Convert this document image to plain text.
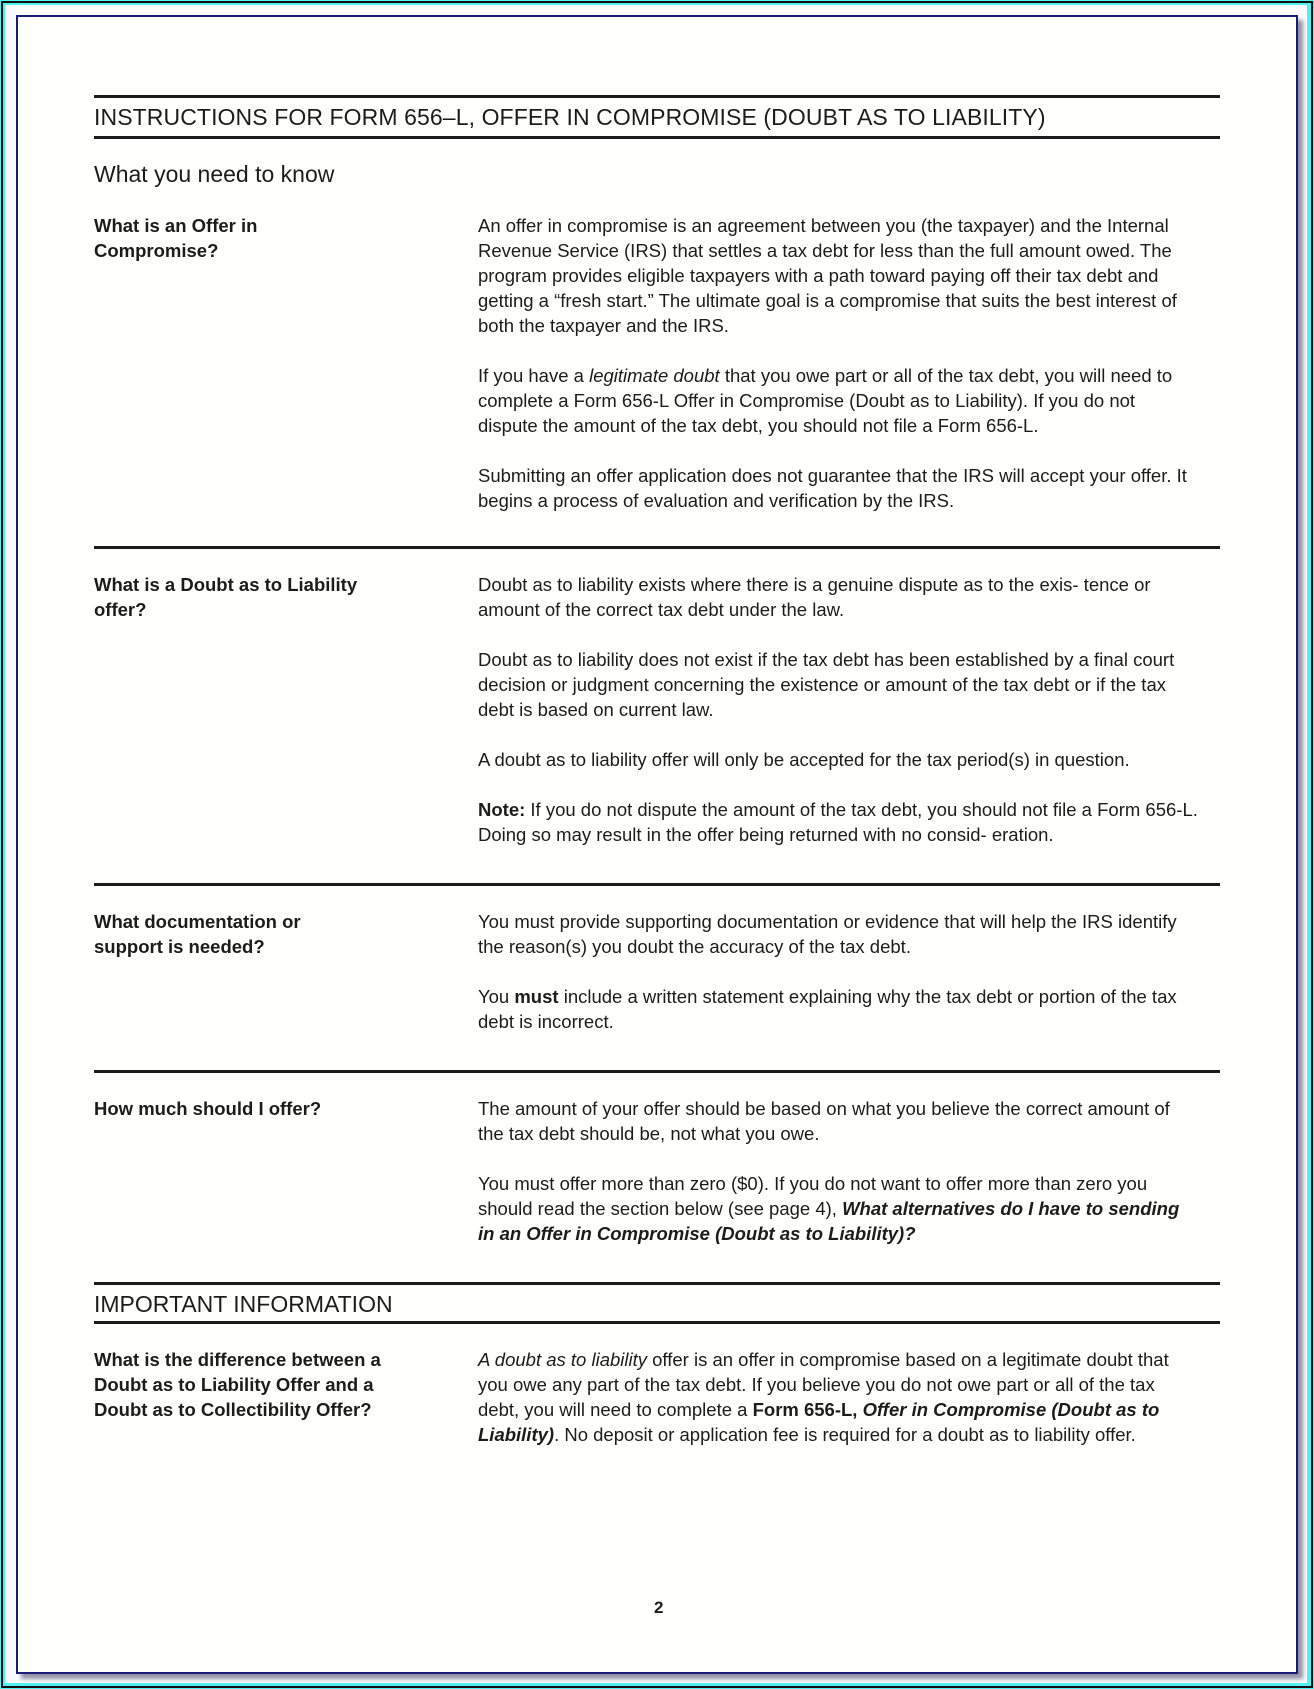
INSTRUCTIONS FOR FORM 656–L, OFFER IN COMPROMISE (DOUBT AS TO LIABILITY)
What you need to know
What is an Offer in Compromise?

An offer in compromise is an agreement between you (the taxpayer) and the Internal Revenue Service (IRS) that settles a tax debt for less than the full amount owed. The program provides eligible taxpayers with a path toward paying off their tax debt and getting a “fresh start.” The ultimate goal is a compromise that suits the best interest of both the taxpayer and the IRS.

If you have a legitimate doubt that you owe part or all of the tax debt, you will need to complete a Form 656-L Offer in Compromise (Doubt as to Liability). If you do not dispute the amount of the tax debt, you should not file a Form 656-L.

Submitting an offer application does not guarantee that the IRS will accept your offer. It begins a process of evaluation and verification by the IRS.

What is a Doubt as to Liability offer?

Doubt as to liability exists where there is a genuine dispute as to the exis- tence or amount of the correct tax debt under the law.

Doubt as to liability does not exist if the tax debt has been established by a final court decision or judgment concerning the existence or amount of the tax debt or if the tax debt is based on current law.

A doubt as to liability offer will only be accepted for the tax period(s) in question.

Note: If you do not dispute the amount of the tax debt, you should not file a Form 656-L. Doing so may result in the offer being returned with no consid- eration.

What documentation or support is needed?

You must provide supporting documentation or evidence that will help the IRS identify the reason(s) you doubt the accuracy of the tax debt.

You must include a written statement explaining why the tax debt or portion of the tax debt is incorrect.

How much should I offer?	The amount of your offer should be based on what you believe the correct amount of the tax debt should be, not what you owe.

You must offer more than zero ($0). If you do not want to offer more than zero you should read the section below (see page 4), What alternatives do I have to sending in an Offer in Compromise (Doubt as to Liability)?

IMPORTANT INFORMATION
What is the difference between a Doubt as to Liability Offer and a Doubt as to Collectibility Offer?

A doubt as to liability offer is an offer in compromise based on a legitimate doubt that you owe any part of the tax debt. If you believe you do not owe part or all of the tax debt, you will need to complete a Form 656-L, Offer in Compromise (Doubt as to Liability). No deposit or application fee is required for a doubt as to liability offer.

2
